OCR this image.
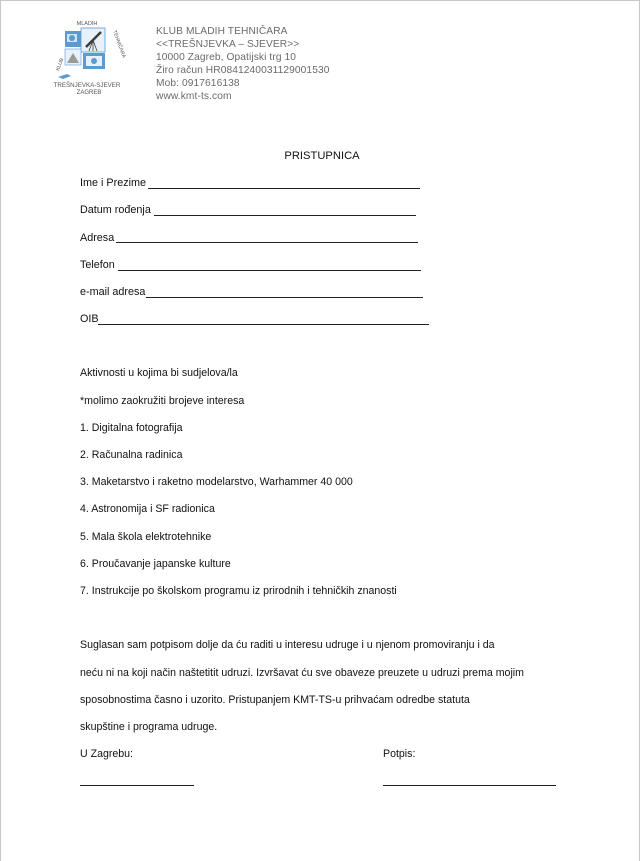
MLADIH
KLUB
TEHNIČARA
TREŠNJEVKA-SJEVER
ZAGREB
KLUB MLADIH TEHNIČARA
<<TREŠNJEVKA – SJEVER>>
10000 Zagreb, Opatijski trg 10
Žiro račun HR0841240031129001530
Mob: 0917616138
www.kmt-ts.com
PRISTUPNICA
Ime i Prezime
Datum rođenja
Adresa
Telefon
e-mail adresa
OIB
Aktivnosti u kojima bi sudjelova/la
*molimo zaokružiti brojeve interesa
1. Digitalna fotografija
2. Računalna radinica
3. Maketarstvo i raketno modelarstvo, Warhammer 40 000
4. Astronomija i SF radionica
5. Mala škola elektrotehnike
6. Proučavanje japanske kulture
7. Instrukcije po školskom programu iz prirodnih i tehničkih znanosti
Suglasan sam potpisom dolje da ću raditi u interesu udruge i u njenom promoviranju i da
neću ni na koji način naštetitit udruzi. Izvršavat ću sve obaveze preuzete u udruzi prema mojim
sposobnostima časno i uzorito. Pristupanjem KMT-TS-u prihvaćam odredbe statuta
skupštine i programa udruge.
U Zagrebu:	Potpis:
